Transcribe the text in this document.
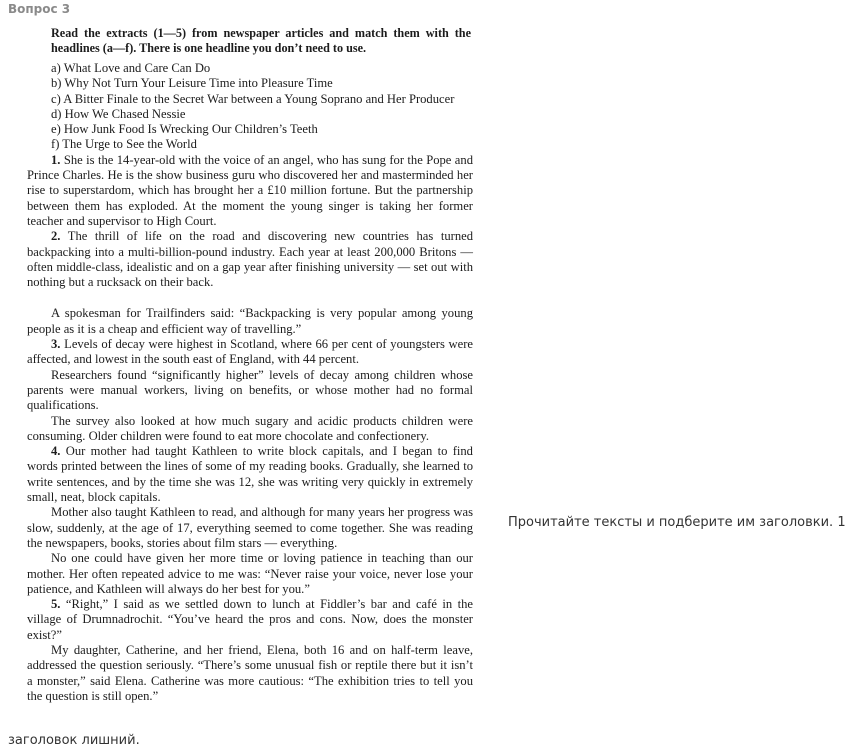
Вопрос 3

Read the extracts (1—5) from newspaper articles and match them with the headlines (a—f). There is one headline you don’t need to use.

a) What Love and Care Can Do

b) Why Not Turn Your Leisure Time into Pleasure Time

c) A Bitter Finale to the Secret War between a Young Soprano and Her Producer

d) How We Chased Nessie

e) How Junk Food Is Wrecking Our Children’s Teeth

f) The Urge to See the World

1. She is the 14-year-old with the voice of an angel, who has sung for the Pope and Prince Charles. He is the show business guru who discovered her and masterminded her rise to superstardom, which has brought her a £10 million fortune. But the partnership between them has exploded. At the moment the young singer is taking her former teacher and supervisor to High Court.

2. The thrill of life on the road and discovering new countries has turned backpacking into a multi-billion-pound industry. Each year at least 200,000 Britons — often middle-class, idealistic and on a gap year after finishing university — set out with nothing but a rucksack on their back.

A spokesman for Trailfinders said: “Backpacking is very popular among young people as it is a cheap and efficient way of travelling.”

3. Levels of decay were highest in Scotland, where 66 per cent of youngsters were affected, and lowest in the south east of England, with 44 percent.

Researchers found “significantly higher” levels of decay among children whose parents were manual workers, living on benefits, or whose mother had no formal qualifications.

The survey also looked at how much sugary and acidic products children were consuming. Older children were found to eat more chocolate and confectionery.

4. Our mother had taught Kathleen to write block capitals, and I began to find words printed between the lines of some of my reading books. Gradually, she learned to write sentences, and by the time she was 12, she was writing very quickly in extremely small, neat, block capitals.

Mother also taught Kathleen to read, and although for many years her progress was slow, suddenly, at the age of 17, everything seemed to come together. She was reading the newspapers, books, stories about film stars — everything.

No one could have given her more time or loving patience in teaching than our mother. Her often repeated advice to me was: “Never raise your voice, never lose your patience, and Kathleen will always do her best for you.”

5. “Right,” I said as we settled down to lunch at Fiddler’s bar and café in the village of Drumnadrochit. “You’ve heard the pros and cons. Now, does the monster exist?”

My daughter, Catherine, and her friend, Elena, both 16 and on half-term leave, addressed the question seriously. “There’s some unusual fish or reptile there but it isn’t a monster,” said Elena. Catherine was more cautious: “The exhibition tries to tell you the question is still open.”

Прочитайте тексты и подберите им заголовки. 1
заголовок лишний.
